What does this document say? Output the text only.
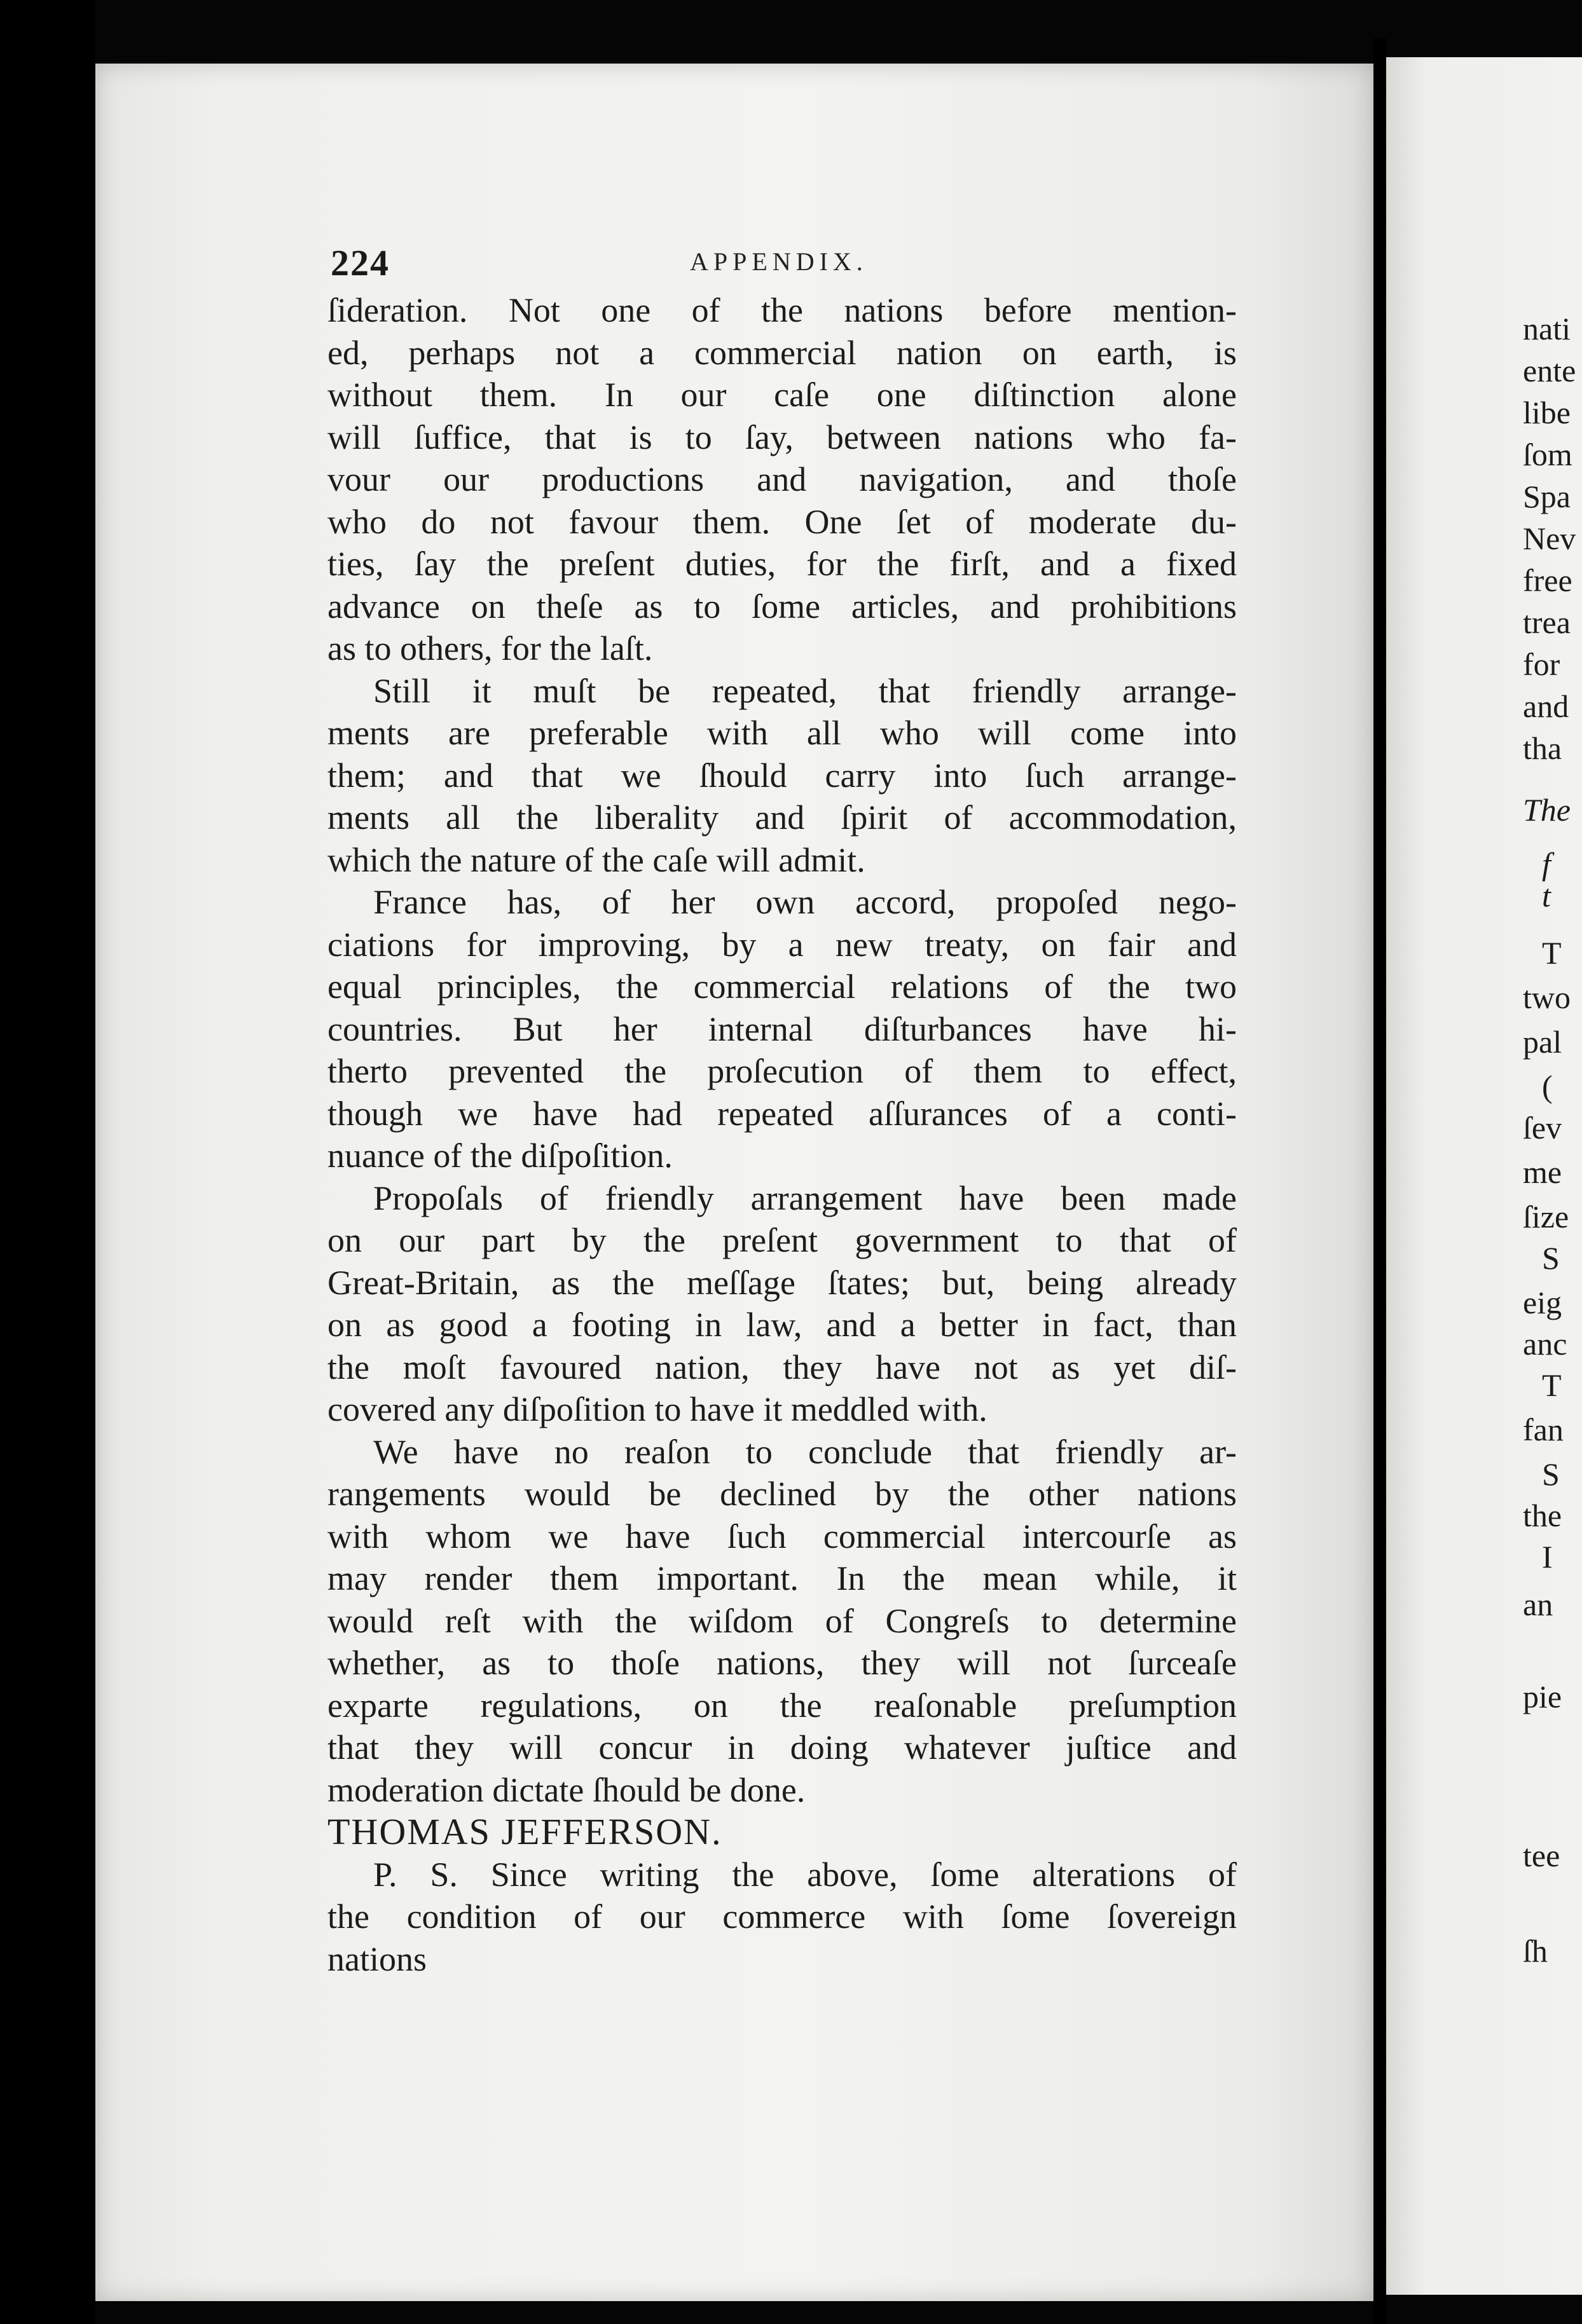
224	APPENDIX.
ſideration. Not one of the nations before mention-
ed, perhaps not a commercial nation on earth, is
without them. In our caſe one diſtinction alone
will ſuffice, that is to ſay, between nations who fa-
vour our productions and navigation, and thoſe
who do not favour them. One ſet of moderate du-
ties, ſay the preſent duties, for the firſt, and a fixed
advance on theſe as to ſome articles, and prohibitions
as to others, for the laſt.
Still it muſt be repeated, that friendly arrange-
ments are preferable with all who will come into
them; and that we ſhould carry into ſuch arrange-
ments all the liberality and ſpirit of accommodation,
which the nature of the caſe will admit.
France has, of her own accord, propoſed nego-
ciations for improving, by a new treaty, on fair and
equal principles, the commercial relations of the two
countries. But her internal diſturbances have hi-
therto prevented the proſecution of them to effect,
though we have had repeated aſſurances of a conti-
nuance of the diſpoſition.
Propoſals of friendly arrangement have been made
on our part by the preſent government to that of
Great-Britain, as the meſſage ſtates; but, being already
on as good a footing in law, and a better in fact, than
the moſt favoured nation, they have not as yet diſ-
covered any diſpoſition to have it meddled with.
We have no reaſon to conclude that friendly ar-
rangements would be declined by the other nations
with whom we have ſuch commercial intercourſe as
may render them important. In the mean while, it
would reſt with the wiſdom of Congreſs to determine
whether, as to thoſe nations, they will not ſurceaſe
exparte regulations, on the reaſonable preſumption
that they will concur in doing whatever juſtice and
moderation dictate ſhould be done.
THOMAS JEFFERSON.
P. S. Since writing the above, ſome alterations of
the condition of our commerce with ſome ſovereign
nations
nati
ente
libe
ſom
Spa
Nev
free
trea
for
and
tha
The
f
t
T
two
pal
(
ſev
me
ſize
S
eig
anc
T
fan
S
the
I
an
pie
tee
ſh
